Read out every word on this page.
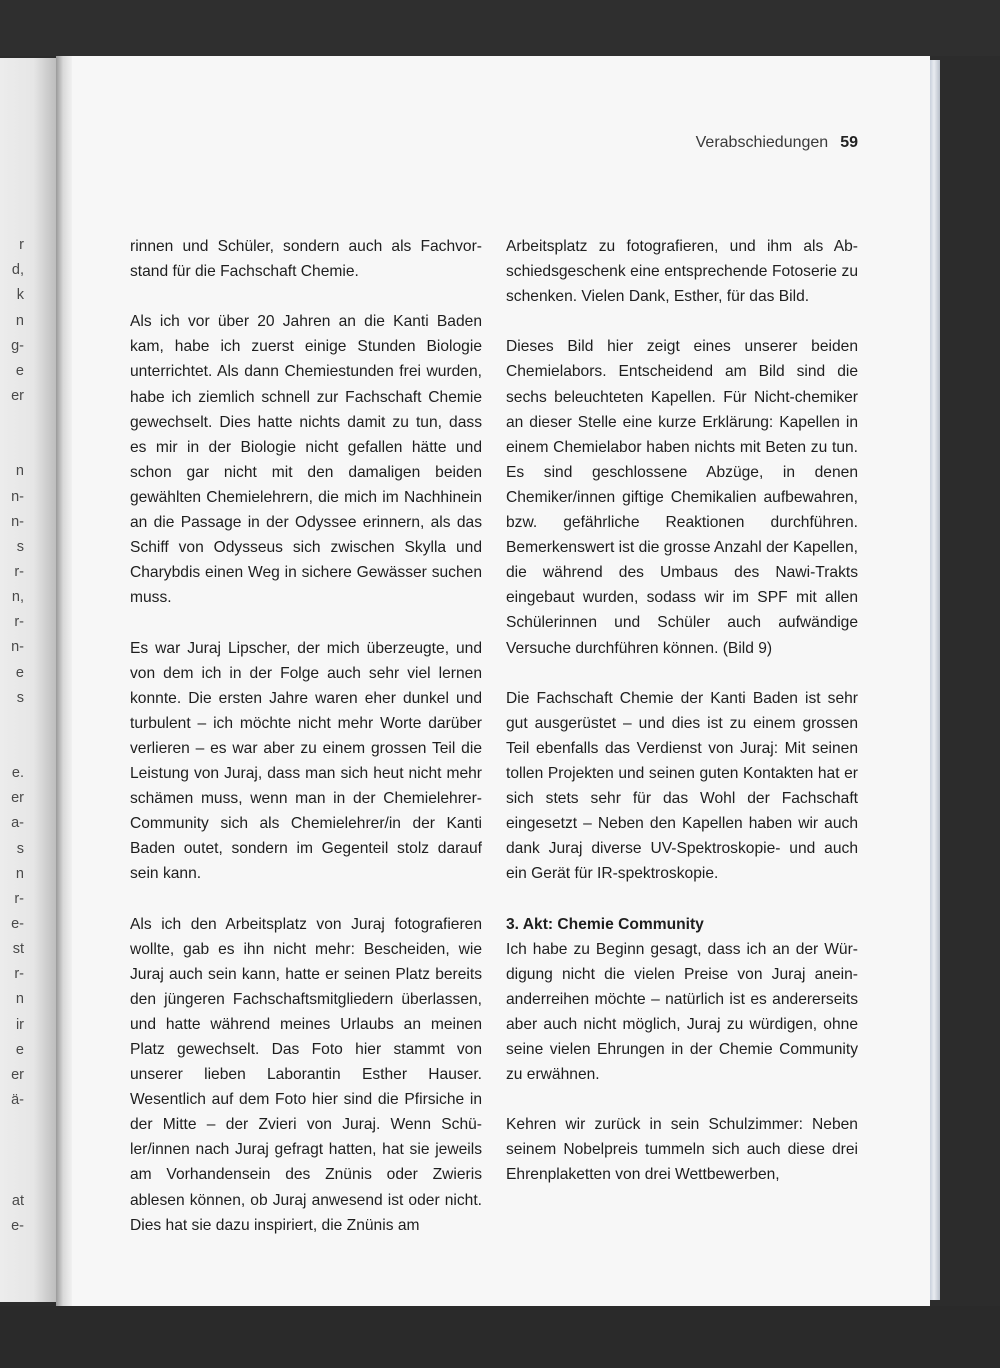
r
d,
k
n
g-
e
er
n
n-
n-
s
r-
n,
r-
n-
e
s
e.
er
a-
s
n
r-
e-
st
r-
n
ir
e
er
ä-
at
e-
Verabschiedungen 59

rinnen und Schüler, sondern auch als Fachvorstand für die Fachschaft Chemie.

Als ich vor über 20 Jahren an die Kanti Baden kam, habe ich zuerst einige Stunden Biologie unterrichtet. Als dann Chemiestunden frei wurden, habe ich ziemlich schnell zur Fachschaft Chemie gewechselt. Dies hatte nichts damit zu tun, dass es mir in der Biologie nicht gefallen hätte und schon gar nicht mit den damaligen beiden gewählten Chemielehrern, die mich im Nachhinein an die Passage in der Odyssee erinnern, als das Schiff von Odysseus sich zwischen Skylla und Charybdis einen Weg in sichere Gewässer suchen muss.

Es war Juraj Lipscher, der mich überzeugte, und von dem ich in der Folge auch sehr viel lernen konnte. Die ersten Jahre waren eher dunkel und turbulent – ich möchte nicht mehr Worte darüber verlieren – es war aber zu einem grossen Teil die Leistung von Juraj, dass man sich heut nicht mehr schämen muss, wenn man in der Chemielehrer-Community sich als Chemielehrer/in der Kanti Baden outet, sondern im Gegenteil stolz darauf sein kann.

Als ich den Arbeitsplatz von Juraj fotografieren wollte, gab es ihn nicht mehr: Bescheiden, wie Juraj auch sein kann, hatte er seinen Platz bereits den jüngeren Fachschaftsmitgliedern überlassen, und hatte während meines Urlaubs an meinen Platz gewechselt. Das Foto hier stammt von unserer lieben Laborantin Esther Hauser. Wesentlich auf dem Foto hier sind die Pfirsiche in der Mitte – der Zvieri von Juraj. Wenn Schüler/innen nach Juraj gefragt hatten, hat sie jeweils am Vorhandensein des Znünis oder Zwieris ablesen können, ob Juraj anwesend ist oder nicht. Dies hat sie dazu inspiriert, die Znünis am

Arbeitsplatz zu fotografieren, und ihm als Abschiedsgeschenk eine entsprechende Fotoserie zu schenken. Vielen Dank, Esther, für das Bild.

Dieses Bild hier zeigt eines unserer beiden Chemielabors. Entscheidend am Bild sind die sechs beleuchteten Kapellen. Für Nicht-chemiker an dieser Stelle eine kurze Erklärung: Kapellen in einem Chemielabor haben nichts mit Beten zu tun. Es sind geschlossene Abzüge, in denen Chemiker/innen giftige Chemikalien aufbewahren, bzw. gefährliche Reaktionen durchführen. Bemerkenswert ist die grosse Anzahl der Kapellen, die während des Umbaus des Nawi-Trakts eingebaut wurden, sodass wir im SPF mit allen Schülerinnen und Schüler auch aufwändige Versuche durchführen können. (Bild 9)

Die Fachschaft Chemie der Kanti Baden ist sehr gut ausgerüstet – und dies ist zu einem grossen Teil ebenfalls das Verdienst von Juraj: Mit seinen tollen Projekten und seinen guten Kontakten hat er sich stets sehr für das Wohl der Fachschaft eingesetzt – Neben den Kapellen haben wir auch dank Juraj diverse UV-Spektroskopie- und auch ein Gerät für IR-spektroskopie.

3. Akt: Chemie Community

Ich habe zu Beginn gesagt, dass ich an der Würdigung nicht die vielen Preise von Juraj aneinanderreihen möchte – natürlich ist es andererseits aber auch nicht möglich, Juraj zu würdigen, ohne seine vielen Ehrungen in der Chemie Community zu erwähnen.

Kehren wir zurück in sein Schulzimmer: Neben seinem Nobelpreis tummeln sich auch diese drei Ehrenplaketten von drei Wettbewerben,
